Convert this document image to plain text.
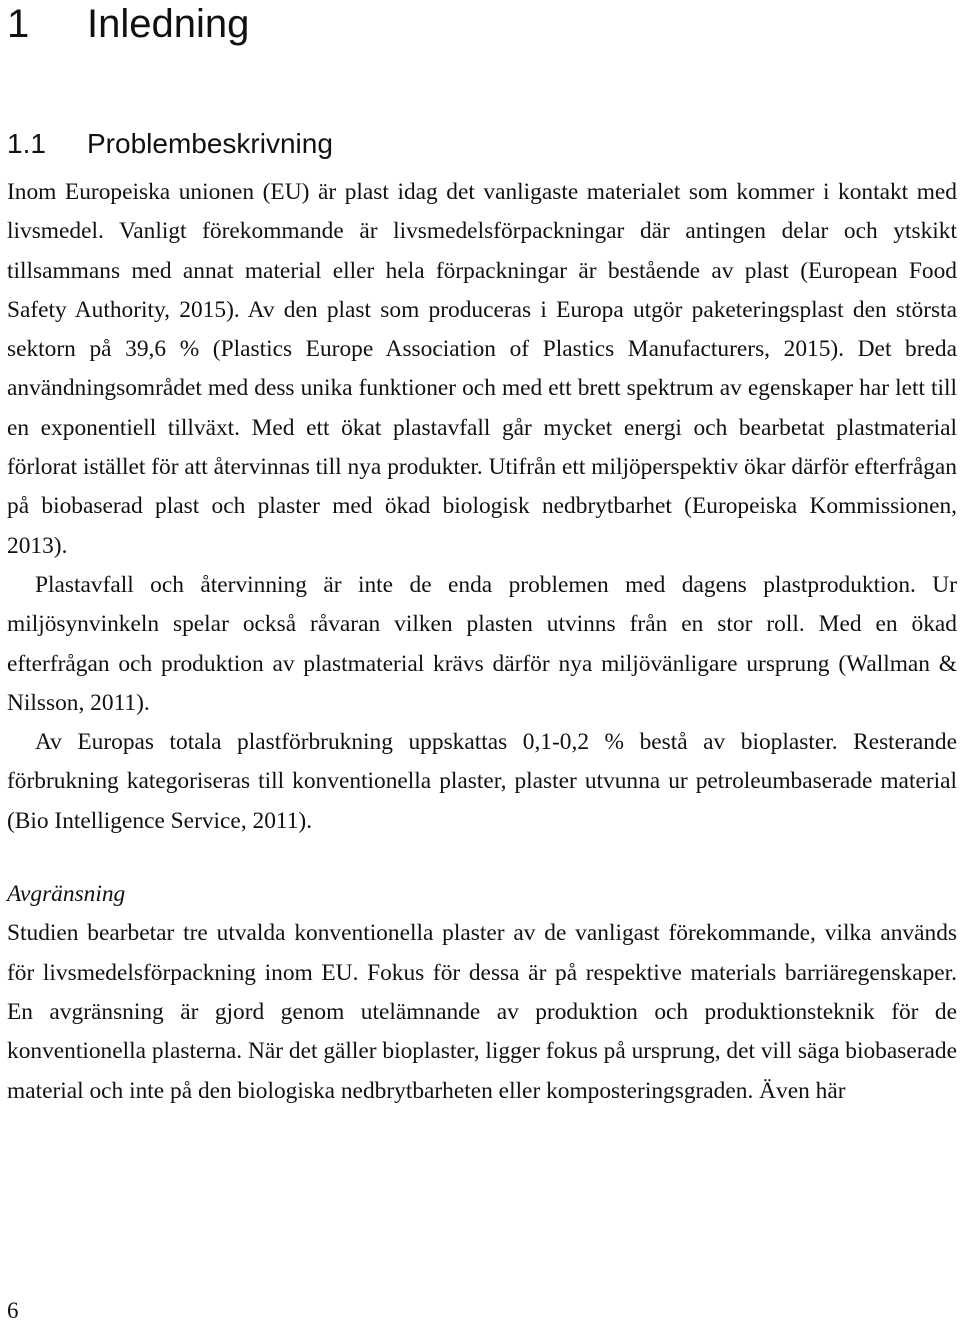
1 Inledning
1.1 Problembeskrivning

Inom Europeiska unionen (EU) är plast idag det vanligaste materialet som kommer i kontakt med livsmedel. Vanligt förekommande är livsmedelsförpackningar där antingen delar och ytskikt tillsammans med annat material eller hela förpackningar är bestående av plast (European Food Safety Authority, 2015). Av den plast som produceras i Europa utgör paketeringsplast den största sektorn på 39,6 % (Plastics Europe Association of Plastics Manufacturers, 2015). Det breda användningsområdet med dess unika funktioner och med ett brett spektrum av egenskaper har lett till en exponentiell tillväxt. Med ett ökat plastavfall går mycket energi och bearbetat plastmaterial förlorat istället för att återvinnas till nya produkter. Utifrån ett miljöperspektiv ökar därför efterfrågan på biobaserad plast och plaster med ökad biologisk nedbrytbarhet (Europeiska Kommissionen, 2013).

Plastavfall och återvinning är inte de enda problemen med dagens plastproduktion. Ur miljösynvinkeln spelar också råvaran vilken plasten utvinns från en stor roll. Med en ökad efterfrågan och produktion av plastmaterial krävs därför nya miljövänligare ursprung (Wallman & Nilsson, 2011).

Av Europas totala plastförbrukning uppskattas 0,1-0,2 % bestå av bioplaster. Resterande förbrukning kategoriseras till konventionella plaster, plaster utvunna ur petroleumbaserade material (Bio Intelligence Service, 2011).

Avgränsning

Studien bearbetar tre utvalda konventionella plaster av de vanligast förekommande, vilka används för livsmedelsförpackning inom EU. Fokus för dessa är på respektive materials barriäregenskaper. En avgränsning är gjord genom utelämnande av produktion och produktionsteknik för de konventionella plasterna. När det gäller bioplaster, ligger fokus på ursprung, det vill säga biobaserade material och inte på den biologiska nedbrytbarheten eller komposteringsgraden. Även här

6
